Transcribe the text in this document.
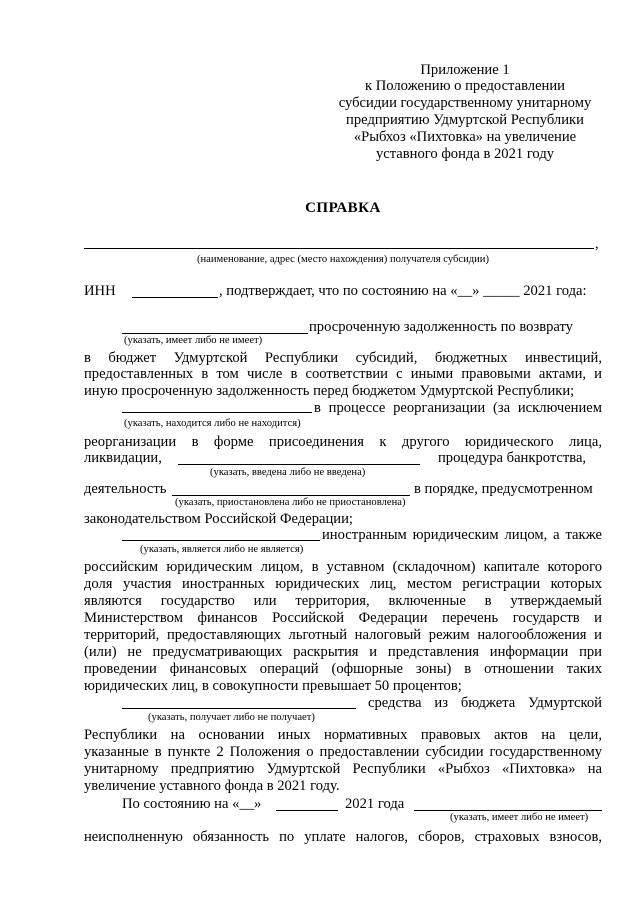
Приложение 1
к Положению о предоставлении
субсидии государственному унитарному
предприятию Удмуртской Республики
«Рыбхоз «Пихтовка» на увеличение
уставного фонда в 2021 году
СПРАВКА
,
(наименование, адрес (место нахождения) получателя субсидии)
ИНН	, подтверждает, что по состоянию на «__» _____ 2021 года:
просроченную задолженность по возврату
(указать, имеет либо не имеет)
в бюджет Удмуртской Республики субсидий, бюджетных инвестиций,
предоставленных в том числе в соответствии с иными правовыми актами, и
иную просроченную задолженность перед бюджетом Удмуртской Республики;
в процессе реорганизации (за исключением
(указать, находится либо не находится)
реорганизации в форме присоединения к другого юридического лица,
ликвидации,	процедура банкротства,
(указать, введена либо не введена)
деятельность	в порядке, предусмотренном
(указать, приостановлена либо не приостановлена)
законодательством Российской Федерации;
иностранным юридическим лицом, а также
(указать, является либо не является)
российским юридическим лицом, в уставном (складочном) капитале которого
доля участия иностранных юридических лиц, местом регистрации которых
являются государство или территория, включенные в утверждаемый
Министерством финансов Российской Федерации перечень государств и
территорий, предоставляющих льготный налоговый режим налогообложения и
(или) не предусматривающих раскрытия и представления информации при
проведении финансовых операций (офшорные зоны) в отношении таких
юридических лиц, в совокупности превышает 50 процентов;
средства из бюджета Удмуртской
(указать, получает либо не получает)
Республики на основании иных нормативных правовых актов на цели,
указанные в пункте 2 Положения о предоставлении субсидии государственному
унитарному предприятию Удмуртской Республики «Рыбхоз «Пихтовка» на
увеличение уставного фонда в 2021 году.
По состоянию на «__»	2021 года
(указать, имеет либо не имеет)
неисполненную обязанность по уплате налогов, сборов, страховых взносов,
